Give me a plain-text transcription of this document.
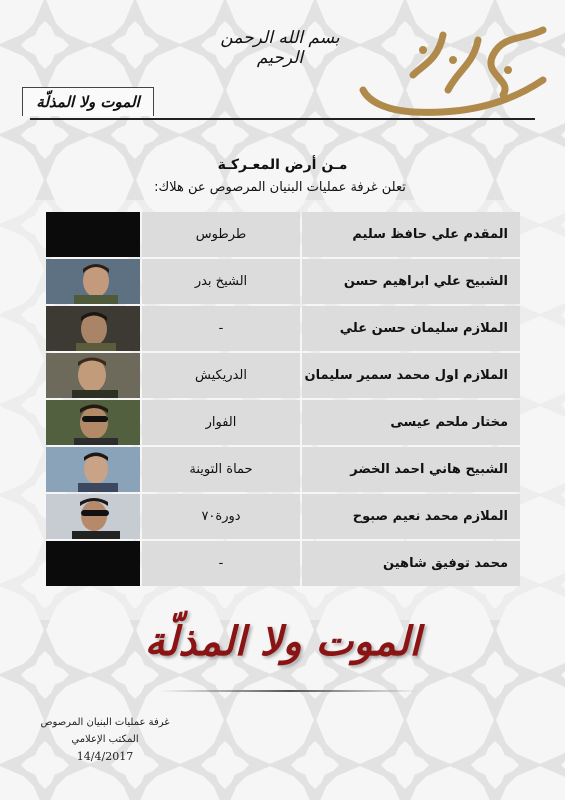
بسم الله الرحمن الرحيم
الموت ولا المذلّة
مـن أرض المعـركـة
تعلن غرفة عمليات البنيان المرصوص عن هلاك:
طرطوس	المقدم علي حافظ سليم
الشيخ بدر	الشبيح علي ابراهيم حسن
-	الملازم سليمان حسن علي
الدريكيش	الملازم اول محمد سمير سليمان
الفوار	مختار ملحم عيسى
حماة التوينة	الشبيح هاني احمد الخضر
دورة٧٠	الملازم محمد نعيم صبوح
-	محمد توفيق شاهين
الموت ولا المذلّة
غرفة عمليات البنيان المرصوص
المكتب الإعلامي
14/4/2017
